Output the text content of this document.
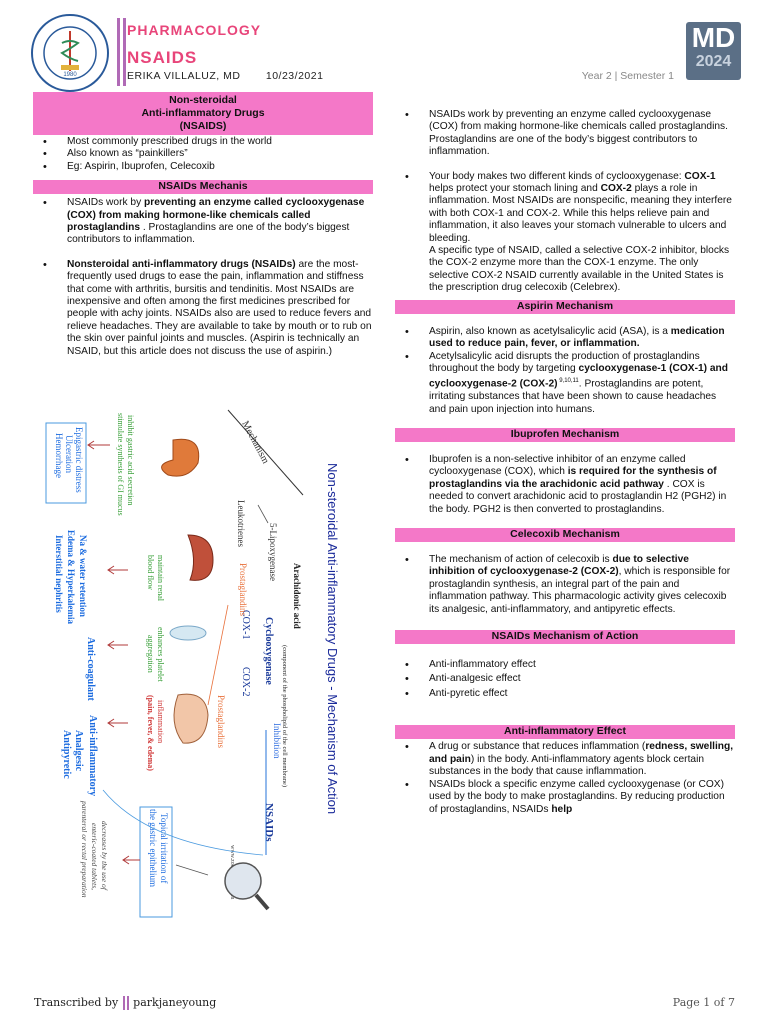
1980
PHARMACOLOGY
NSAIDS
ERIKA VILLALUZ, MD 10/23/2021	Year 2 | Semester 1
MD
2024
Non-steroidal
Anti-inflammatory Drugs
(NSAIDS)
• Most commonly prescribed drugs in the world
• Also known as “painkillers”
• Eg: Aspirin, Ibuprofen, Celecoxib
NSAIDs Mechanis
• NSAIDs work by preventing an enzyme called cyclooxygenase (COX) from making hormone-like chemicals called prostaglandins . Prostaglandins are one of the body’s biggest contributors to inflammation.
• Nonsteroidal anti-inflammatory drugs (NSAIDs) are the most-frequently used drugs to ease the pain, inflammation and stiffness that come with arthritis, bursitis and tendinitis. Most NSAIDs are inexpensive and often among the first medicines prescribed for people with achy joints. NSAIDs also are used to reduce fevers and relieve headaches. They are available to take by mouth or to rub on the skin over painful joints and muscles. (Aspirin is technically an NSAID, but this article does not discuss the use of aspirin.)
Non-steroidal Anti-inflammatory Drugs - Mechanism of Action
Mechanism
Arachidonic acid
(component of the phospholipid of the cell membrane)
5-Lipoxygenase
Leukotrienes
Cyclooxygenase
COX-1
COX-2
Prostaglandins
Prostaglandins	Inhibition
NSAIDs
inhibit gastric acid secretion
stimulate synthesis of GI mucus
maintain renal
blood flow
enhances platelet
aggregation
inflammation
(pain, fever, & edema)
Epigastric distress
Ulceration
Hemorrhage
Na & water retention
Edema & Hyperkalemia
Interstitial nephritis
Anti-coagulant
Anti-inflammatory
Analgesic
Antipyretic
Topical irritation of
the gastric epithelium
decreases by the use of
enteric-coated tablets,
parenteral or rectal preparation
• NSAIDs work by preventing an enzyme called cyclooxygenase (COX) from making hormone-like chemicals called prostaglandins. Prostaglandins are one of the body’s biggest contributors to inflammation.
• Your body makes two different kinds of cyclooxygenase: COX-1 helps protect your stomach lining and COX-2 plays a role in inflammation. Most NSAIDs are nonspecific, meaning they interfere with both COX-1 and COX-2. While this helps relieve pain and inflammation, it also leaves your stomach vulnerable to ulcers and bleeding.
A specific type of NSAID, called a selective COX-2 inhibitor, blocks the COX-2 enzyme more than the COX-1 enzyme. The only selective COX-2 NSAID currently available in the United States is the prescription drug celecoxib (Celebrex).
Aspirin Mechanism
• Aspirin, also known as acetylsalicylic acid (ASA), is a medication used to reduce pain, fever, or inflammation.
• Acetylsalicylic acid disrupts the production of prostaglandins throughout the body by targeting cyclooxygenase-1 (COX-1) and cyclooxygenase-2 (COX-2) $^{9,10,11}$. Prostaglandins are potent, irritating substances that have been shown to cause headaches and pain upon injection into humans.
Ibuprofen Mechanism
• Ibuprofen is a non-selective inhibitor of an enzyme called cyclooxygenase (COX), which is required for the synthesis of prostaglandins via the arachidonic acid pathway . COX is needed to convert arachidonic acid to prostaglandin H2 (PGH2) in the body. PGH2 is then converted to prostaglandins.
Celecoxib Mechanism
• The mechanism of action of celecoxib is due to selective inhibition of cyclooxygenase-2 (COX-2), which is responsible for prostaglandin synthesis, an integral part of the pain and inflammation pathway. This pharmacologic activity gives celecoxib its analgesic, anti-inflammatory, and antipyretic effects.
NSAIDs Mechanism of Action
• Anti-inflammatory effect
• Anti-analgesic effect
• Anti-pyretic effect
Anti-inflammatory Effect
• A drug or substance that reduces inflammation (redness, swelling, and pain) in the body. Anti-inflammatory agents block certain substances in the body that cause inflammation.
• NSAIDs block a specific enzyme called cyclooxygenase (or COX) used by the body to make prostaglandins. By reducing production of prostaglandins, NSAIDs help
Transcribed by parkjaneyoung	Page 1 of 7
